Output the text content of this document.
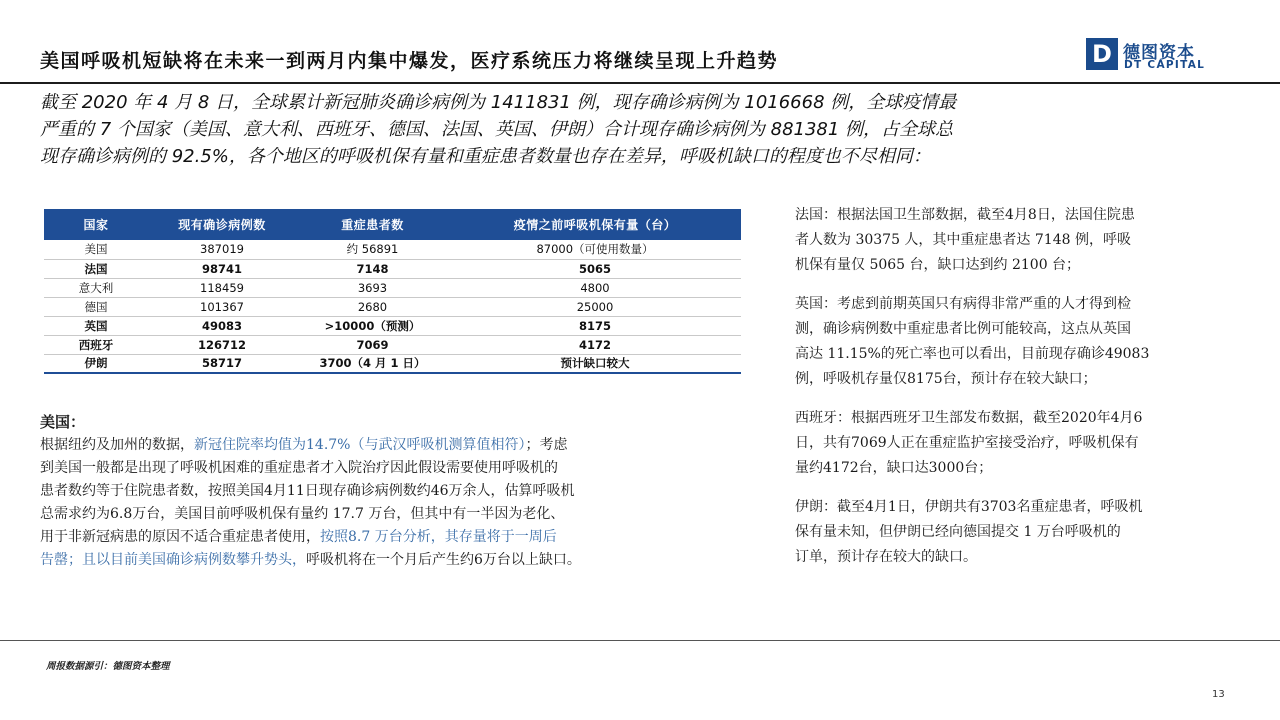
美国呼吸机短缺将在未来一到两月内集中爆发，医疗系统压力将继续呈现上升趋势	D 德图资本
DT CAPITAL

截至 2020 年 4 月 8 日，全球累计新冠肺炎确诊病例为 1411831 例，现存确诊病例为 1016668 例，全球疫情最

严重的 7 个国家（美国、意大利、西班牙、德国、法国、英国、伊朗）合计现存确诊病例为 881381 例，占全球总

现存确诊病例的 92.5%，各个地区的呼吸机保有量和重症患者数量也存在差异，呼吸机缺口的程度也不尽相同：

国家	现有确诊病例数	重症患者数	疫情之前呼吸机保有量（台）
美国	387019	约 56891	87000（可使用数量）
法国	98741	7148	5065
意大利	118459	3693	4800
德国	101367	2680	25000
英国	49083	>10000（预测）	8175
西班牙	126712	7069	4172
伊朗	58717	3700（4 月 1 日）	预计缺口较大
美国：
根据纽约及加州的数据，新冠住院率均值为14.7%（与武汉呼吸机测算值相符）；考虑
到美国一般都是出现了呼吸机困难的重症患者才入院治疗因此假设需要使用呼吸机的
患者数约等于住院患者数，按照美国4月11日现存确诊病例数约46万余人，估算呼吸机
总需求约为6.8万台，美国目前呼吸机保有量约 17.7 万台，但其中有一半因为老化、
用于非新冠病患的原因不适合重症患者使用，按照8.7 万台分析，其存量将于一周后
告罄；且以目前美国确诊病例数攀升势头，呼吸机将在一个月后产生约6万台以上缺口。
法国：根据法国卫生部数据，截至4月8日，法国住院患
者人数为 30375 人，其中重症患者达 7148 例，呼吸
机保有量仅 5065 台，缺口达到约 2100 台；
英国：考虑到前期英国只有病得非常严重的人才得到检
测，确诊病例数中重症患者比例可能较高，这点从英国
高达 11.15%的死亡率也可以看出，目前现存确诊49083
例，呼吸机存量仅8175台，预计存在较大缺口；
西班牙：根据西班牙卫生部发布数据，截至2020年4月6
日，共有7069人正在重症监护室接受治疗，呼吸机保有
量约4172台，缺口达3000台；
伊朗：截至4月1日，伊朗共有3703名重症患者，呼吸机
保有量未知，但伊朗已经向德国提交 1 万台呼吸机的
订单，预计存在较大的缺口。
周报数据源引：德图资本整理
13
